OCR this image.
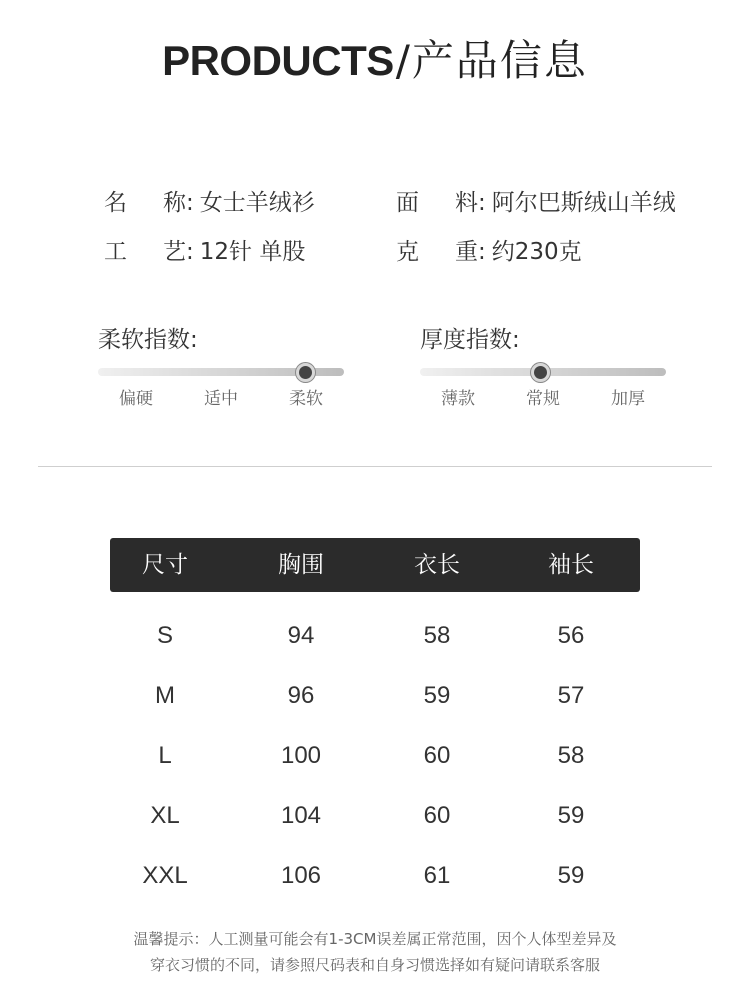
PRODUCTS/产品信息
名称: 女士羊绒衫	面料: 阿尔巴斯绒山羊绒
工艺: 12针 单股	克重: 约230克
柔软指数:
偏硬	适中	柔软
厚度指数:
薄款	常规	加厚
尺寸	胸围	衣长	袖长
S	94	58	56
M	96	59	57
L	100	60	58
XL	104	60	59
XXL	106	61	59
温馨提示：人工测量可能会有1-3CM误差属正常范围，因个人体型差异及
穿衣习惯的不同，请参照尺码表和自身习惯选择如有疑问请联系客服
